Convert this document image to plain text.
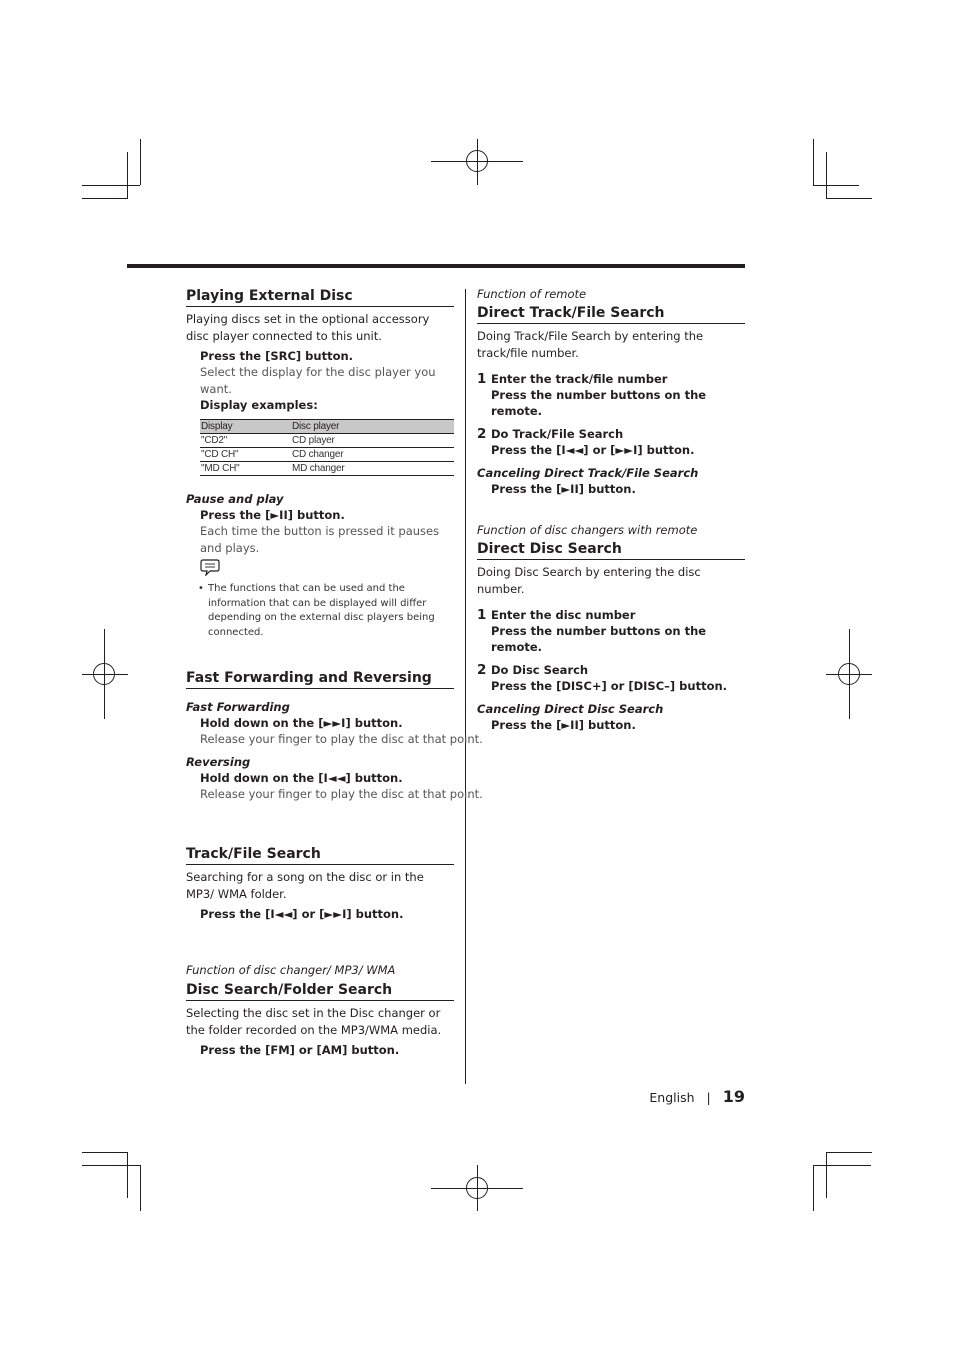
Playing External Disc
Playing discs set in the optional accessory disc player connected to this unit.
Press the [SRC] button.
Select the display for the disc player you want.
Display examples:
Display	Disc player
"CD2"	CD player
"CD CH"	CD changer
"MD CH"	MD changer
Pause and play
Press the [►II] button.
Each time the button is pressed it pauses and plays.
• The functions that can be used and the information that can be displayed will differ depending on the external disc players being connected.
Fast Forwarding and Reversing
Fast Forwarding
Hold down on the [►►I] button.
Release your finger to play the disc at that point.
Reversing
Hold down on the [I◄◄] button.
Release your finger to play the disc at that point.
Track/File Search
Searching for a song on the disc or in the MP3/ WMA folder.
Press the [I◄◄] or [►►I] button.
Function of disc changer/ MP3/ WMA
Disc Search/Folder Search
Selecting the disc set in the Disc changer or the folder recorded on the MP3/WMA media.
Press the [FM] or [AM] button.
Function of remote
Direct Track/File Search
Doing Track/File Search by entering the track/file number.
1 Enter the track/file number
Press the number buttons on the remote.
2 Do Track/File Search
Press the [I◄◄] or [►►I] button.
Canceling Direct Track/File Search
Press the [►II] button.
Function of disc changers with remote
Direct Disc Search
Doing Disc Search by entering the disc number.
1 Enter the disc number
Press the number buttons on the remote.
2 Do Disc Search
Press the [DISC+] or [DISC–] button.
Canceling Direct Disc Search
Press the [►II] button.
English | 19
